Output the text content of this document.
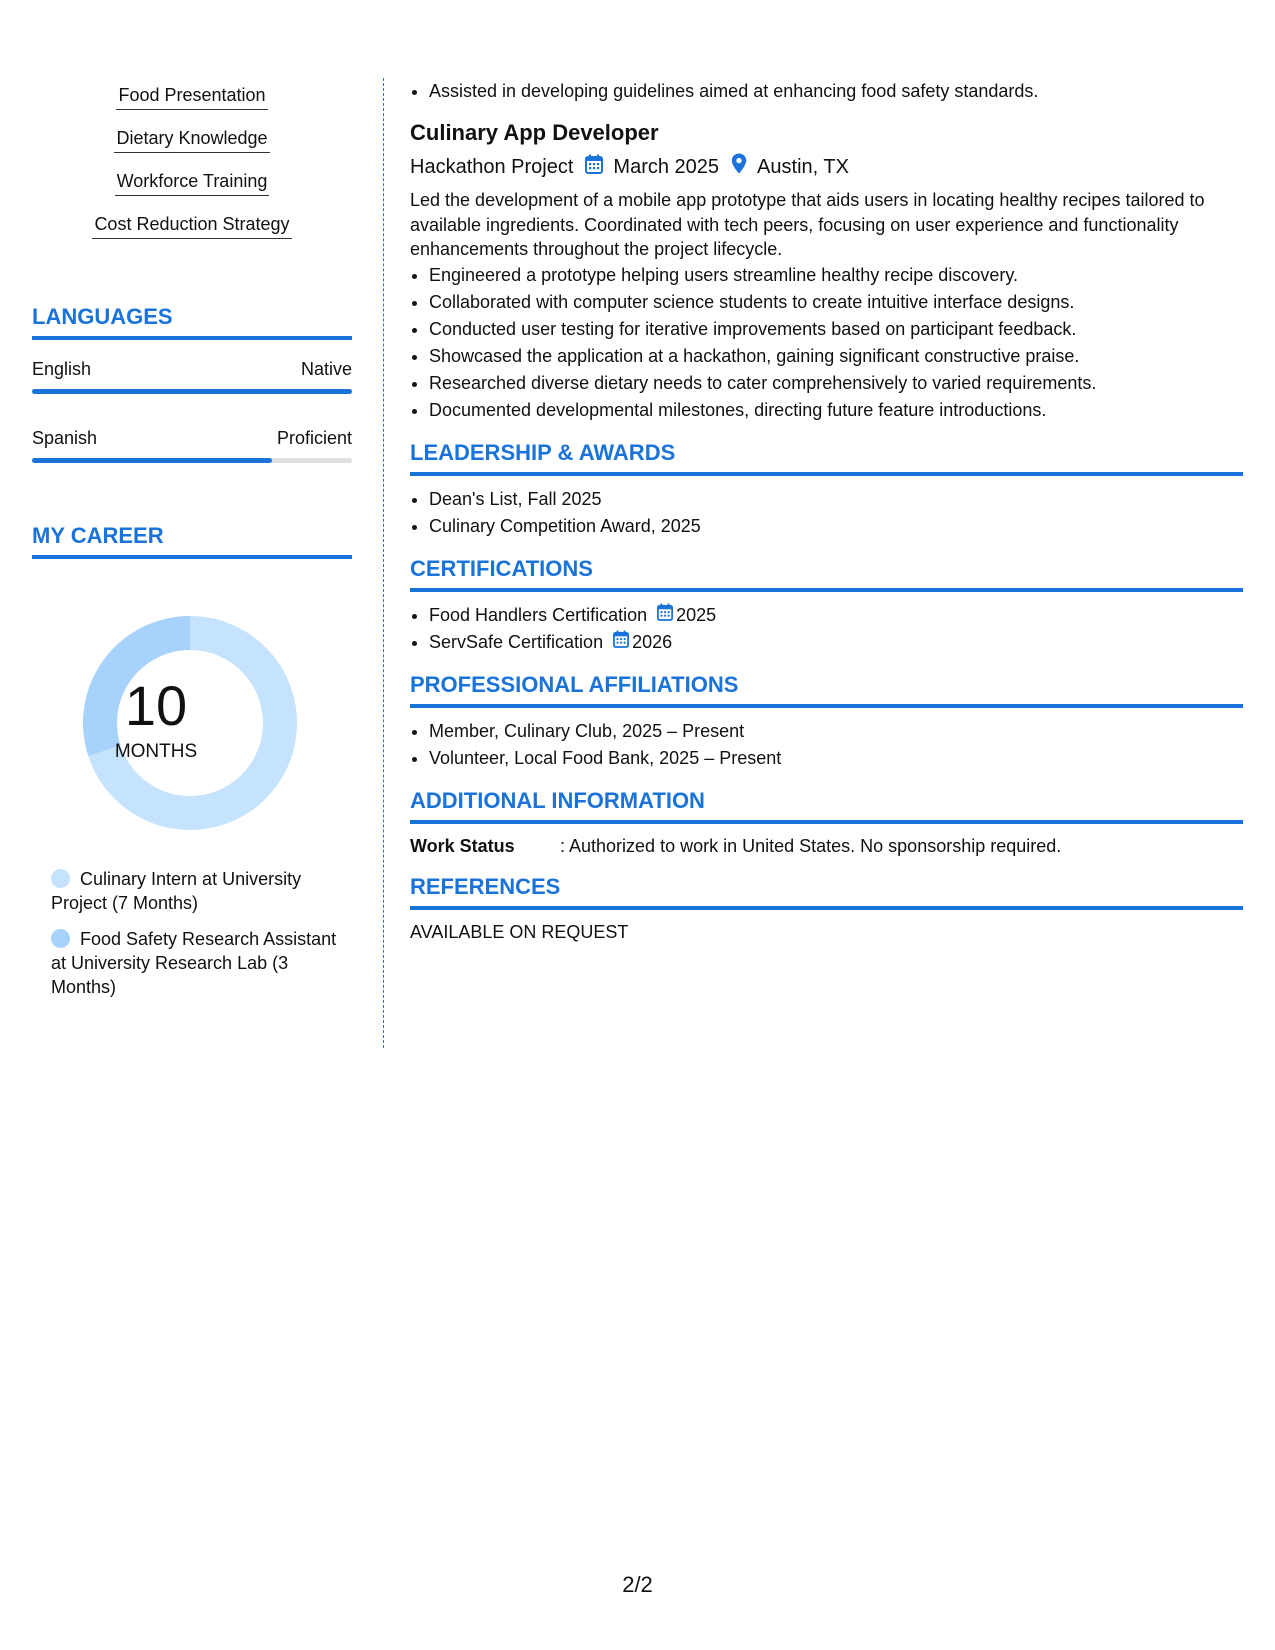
Food Presentation
Dietary Knowledge
Workforce Training
Cost Reduction Strategy
LANGUAGES
English	Native
Spanish	Proficient
MY CAREER
10
MONTHS
Culinary Intern at University Project (7 Months)
Food Safety Research Assistant at University Research Lab (3 Months)
• Assisted in developing guidelines aimed at enhancing food safety standards.
Culinary App Developer
Hackathon Project March 2025 Austin, TX
Led the development of a mobile app prototype that aids users in locating healthy recipes tailored to available ingredients. Coordinated with tech peers, focusing on user experience and functionality enhancements throughout the project lifecycle.
• Engineered a prototype helping users streamline healthy recipe discovery.
• Collaborated with computer science students to create intuitive interface designs.
• Conducted user testing for iterative improvements based on participant feedback.
• Showcased the application at a hackathon, gaining significant constructive praise.
• Researched diverse dietary needs to cater comprehensively to varied requirements.
• Documented developmental milestones, directing future feature introductions.
LEADERSHIP & AWARDS
• Dean's List, Fall 2025
• Culinary Competition Award, 2025
CERTIFICATIONS
• Food Handlers Certification 2025
• ServSafe Certification 2026
PROFESSIONAL AFFILIATIONS
• Member, Culinary Club, 2025 – Present
• Volunteer, Local Food Bank, 2025 – Present
ADDITIONAL INFORMATION
Work Status	: Authorized to work in United States. No sponsorship required.
REFERENCES
AVAILABLE ON REQUEST
2/2
